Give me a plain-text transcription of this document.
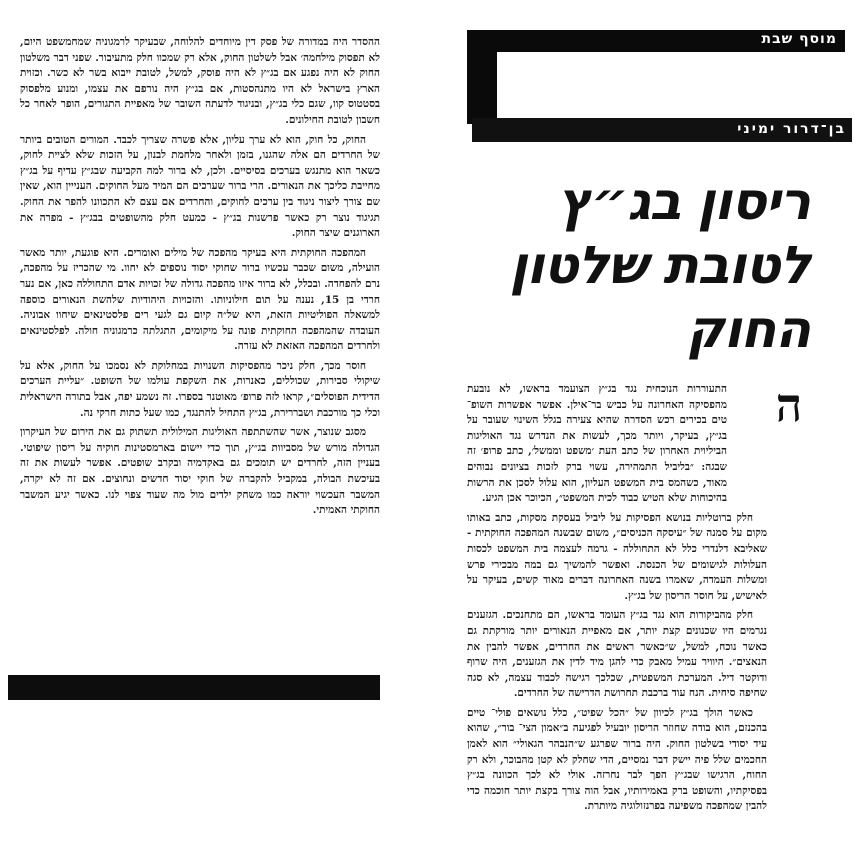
ההסדר היה במדורה של פסק דין מיוחדים להלוחה, שבעיקר לרמגוניה שמחמשפט היום, לא תפסוק מילחמה׳ אבל לשלטון החוק, אלא רק שמכוו חלק מתעיבור. שפני דבר משלטון החוק לא היה נפגע אם בג״ץ לא היה פוסק, למשל, לטובת ייבוא בשר לא כשר. וכזוית הארץ בישראל לא היו מתנהסטות, אם בג״ץ היה נורפם את עצמו, ומנוע מלפסוק בסטטוס קוו, שגם כלי בג״ץ, ובניגוד לדעתה השובר של מאפיית התגורים, הופר לאחר כל חשבון לטובת החילונים.

החוק, כל חוק, הוא לא ערך עליון, אלא פשרה שצריך לכבד. המורים הטובים ביותר של החרדים הם אלה שהגנו, בזמן ולאחר מלחמת לבנון, על הזכות שלא לציית לחוק, כשאר הוא מתנגש בערכים בסיסיים. ולכן, לא ברור למה הקביעה שבג״ץ עדיף על בג״ץ מחייבת כליכך את הנאורים. הרי ברור שערכים הם המיד מעל החוקים. הענייין הוא, שאין שם צורך ליצור ניגוד בין ערכים לחוקים, והחרדים אם עצם לא התכוונו להפר את החוק. תגיגוד נוצר רק כאשר פרשנות בג״ץ - כמעט חלק מהשופטים בבג״ץ - מפרה את הארוגנים שיצר החוק.

המהפכה החוקתית היא בעיקר מהפכה של מילים ואומרים. היא פוגעת, יותר מאשר הועילה, משום שכבר עכשיו ברור שחוקי יסוד נוספים לא יחוו. מי שהכריז על מהפכה, נרם להפחדה. ובכלל, לא ברור איזו מהפכה גדולה של זכויות אדם התחוללה כאן, אם נער חרדי בן 15, נענה על תום חילוניותו. והזכויות היהודיות שלהשת הנאורים כוספה למשאלה הפוליטיות הזאת, היא של״ה קיום גם לגעי רים פלסטינאים שיחוו אבוניה. העובדה שהמהפכה החוקתית פונה על מיקומים, התגלתה כרמגוניה חולה. לפלסטינאים ולחרדים המהפכה האזאת לא עזרה.

חוסר מכך, חלק ניכר מהפסיקות השנויות במחלוקת לא נסמכו על החוק, אלא על שיקולי סבירות, שכוללים, כאנרות, את השקפת עולמו של השופט. ״עליית הערכים הדידית הפוסלים״, קראו לזה פרופ׳ מאוטנר בספרו. זה נשמע יפה, אבל בתורה הישראלית וכלי כך מורכבת ושבררירת, בג״ץ התחיל להתנגד, כמו שעל כתות חרקי נה.

מסגב שנוצר, אשר שהשתתפה האוליגות המילולית תשתוק גם את הירום של העיקרון הגדולה מורש של מסביוות בג״ץ, תוך כדי יישום בארמסטינות חוקיה על ריסון שיפוטי. בעניין הזה, לחרדים יש תומכים גם באקדמיה ובקרב שופטים. אפשר לעשות את זה בעיכשת הבולה, במקביל להקברה של חוקי יסוד חדשים ונחוצים. אם זה לא יקרה, המשבר העכשוי יוראה כמו משחק ילדים מול מה שעוד צפוי לנו. כאשר יגיע המשבר החוקתי האמיתי.

מוסף שבת
בן־דרור ימיני
ריסון בג״ץ
לטובת שלטון
החוק
ה

התעוררות הנוכחית נגד בג״ץ הצועמד בראשו, לא נובעת מהפסיקה האחרונה על כביש בר־אילן. אפשר אפשרות השופ־ טים בכירים רכש הסדרה שהיא צעירה בגלל השינוי שעובר על בג״ץ, בעיקר, ויותר מכך, לעשות את הנדרש נגד האוליגות הביליוית האחרון של כתב העת ׳משפט וממשל׳, כתב פרופ׳ זה שבגה: ״בליביל התמהירה, עשוי ברק לזכות בציונים נבוהים מאוד, כשהמס בית המשפט העליון, הוא עלול לסכן את הרשות בהיכוחות שלא הטיש כבוד לכית המשפט״, הכיוכר אכן הגיע.

חלק ברוטליות בנושא הפסיקות על ליביל בעסקת מסקות, כתב באותו מקום על סמנה של ״עיסקה הכניסים״, משום שבשנה המהפכה החוקתית - שאליבא דלנדרי כלל לא התחוללה - גרמה לעצמה בית המשפט לכסות העלולות לגישומים של הכנסת. ואפשר להמשיך גם במה מבכירי פרש ומשלות העמדה, שאמרו בשנה האחרונה דברים מאוד קשים, בעיקר על לאישיש, על חוסר הריסון של בג״ץ.

חלק מהביקורות הוא נגד בג״ץ העומד בראשו, הם מתחנכים. הגזענים נגרמים היו שכנונים קצת יותר, אם מאפיית הנאורים יותר מורקתת גם כאשר נוכח, למשל, ש״כאשר ראשים את החרדים, אפשר להבין את הנאצים״. היוויר עמיל מאבק כדי להגן מיד לדין את הגזענים, היה שרוף ודוקטר דיל. המערכת המשפטית, שכלכך רגישה לכבוד עצמה, לא סגה שחיפה סיחית. הנח עוד ברכבת תחרושת הדרישה של החרדים.

כאשר הולך בג״ץ לכיוון של ״הכל שפיט״, כלל נושאים פולי־ טיים בהכנזם, הוא בודה שחוזר הריסון יובעיל לפגיעה ב״אמון הצי־ בור״, שהוא עיד יסודי בשלטון החוק. היה ברור שפרגע ש״הנבהר הגאולי״ הוא לאמן החכמים שלל פיה יישק דבר נמסיים, הדי שחלק לא קטן מהבוכר, ולא רק החוח, הרגישו שבג״ץ הפך לבר נחרזה. אולי לא לכך הכוונה בג״ץ בפסיקתיו, והשופט ברק באמירותיו, אבל הוה צורך בקצת יותר חוכמה כדי להבין שמהפכה משפיעה בפרנזולוגיה מיותרת.
